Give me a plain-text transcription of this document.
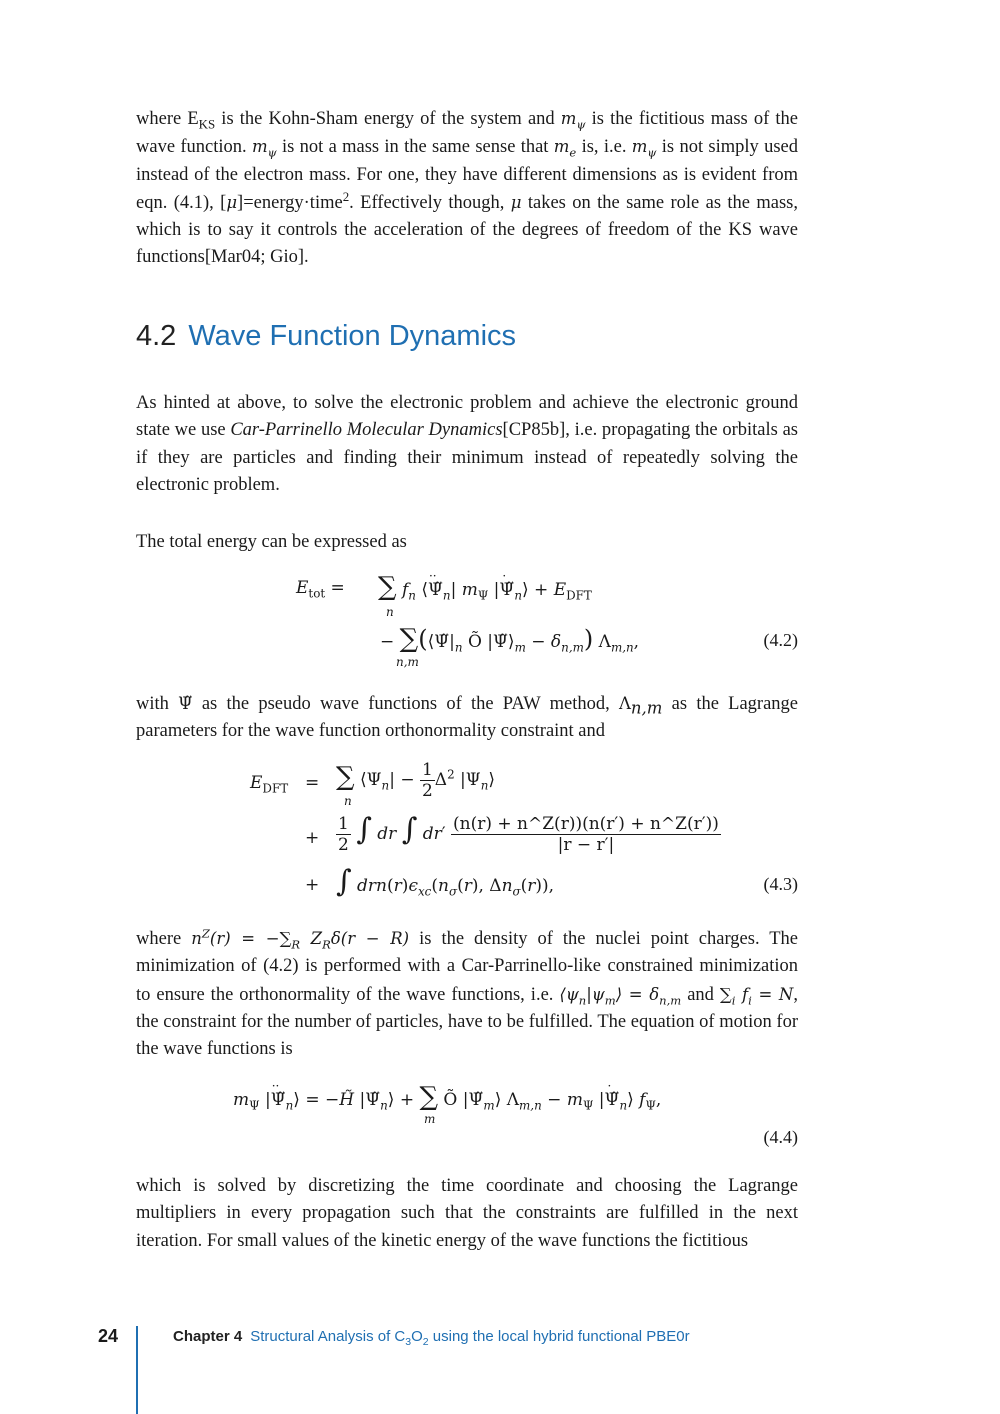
where $E_{KS}$ is the Kohn-Sham energy of the system and $m_\psi$ is the fictitious mass of the wave function. $m_\psi$ is not a mass in the same sense that $m_e$ is, i.e. $m_\psi$ is not simply used instead of the electron mass. For one, they have different dimensions as is evident from eqn. (4.1), [μ]=energy·time$^2$. Effectively though, μ takes on the same role as the mass, which is to say it controls the acceleration of the degrees of freedom of the KS wave functions[Mar04; Gio].

4.2 Wave Function Dynamics

As hinted at above, to solve the electronic problem and achieve the electronic ground state we use Car-Parrinello Molecular Dynamics[CP85b], i.e. propagating the orbitals as if they are particles and finding their minimum instead of repeatedly solving the electronic problem.

The total energy can be expressed as

$E_{tot}$ = ∑ $f_n$ ⟨Ψ̃
··
$_n$| $m_\Psi$ |Ψ̃
·
$_n$⟩ + $E_{DFT}$
n
− $\sum(⟨\Psĩ|_n$ Õ $|\Psĩ⟩_m - \delta_{n,m}$) $\Lambda_{m,n}$,
n,m
(4.2)

with Ψ̃ as the pseudo wave functions of the PAW method, $\Lambda_{n,m}$ as the Lagrange parameters for the wave function orthonormality constraint and

$E_{DFT}$ = ∑ $⟨\Psi_n| - \frac{1}{2} \Delta^2$ $|\Psi_n⟩$
n
+ $\frac{1}{2}$ ∫ dr ∫ $dr' \frac{(n(r) + n\^{}Z(r))(n(r') + n\^{}Z(r'))}{|r - r'|}$
+ ∫ $drn(r)\epsilon_{xc}(n_\sigma(r)$, $\Delta n_\sigma(r)$),	(4.3)

where $n^Z(r) = -\sum_R$ $Z_R\delta(r - R)$ is the density of the nuclei point charges. The minimization of (4.2) is performed with a Car-Parrinello-like constrained minimization to ensure the orthonormality of the wave functions, i.e. $⟨\psi_n|\psi_m⟩ = \delta_{n,m}$ and $\sum_i$ $f_i = N$, the constraint for the number of particles, have to be fulfilled. The equation of motion for the wave functions is

$m_\Psi$ |Ψ̃
··
$_n$⟩ = −H̃ $|\Psĩ_n⟩$ + ∑ Õ $|\Psĩ_m⟩$ $\Lambda_{m,n} - m_\Psi$ |Ψ̃
·
$_n$⟩ $f_\Psi$,
m
(4.4)

which is solved by discretizing the time coordinate and choosing the Lagrange multipliers in every propagation such that the constraints are fulfilled in the next iteration. For small values of the kinetic energy of the wave functions the fictitious

24	Chapter 4 Structural Analysis of $C_3O_2$ using the local hybrid functional PBE0r
